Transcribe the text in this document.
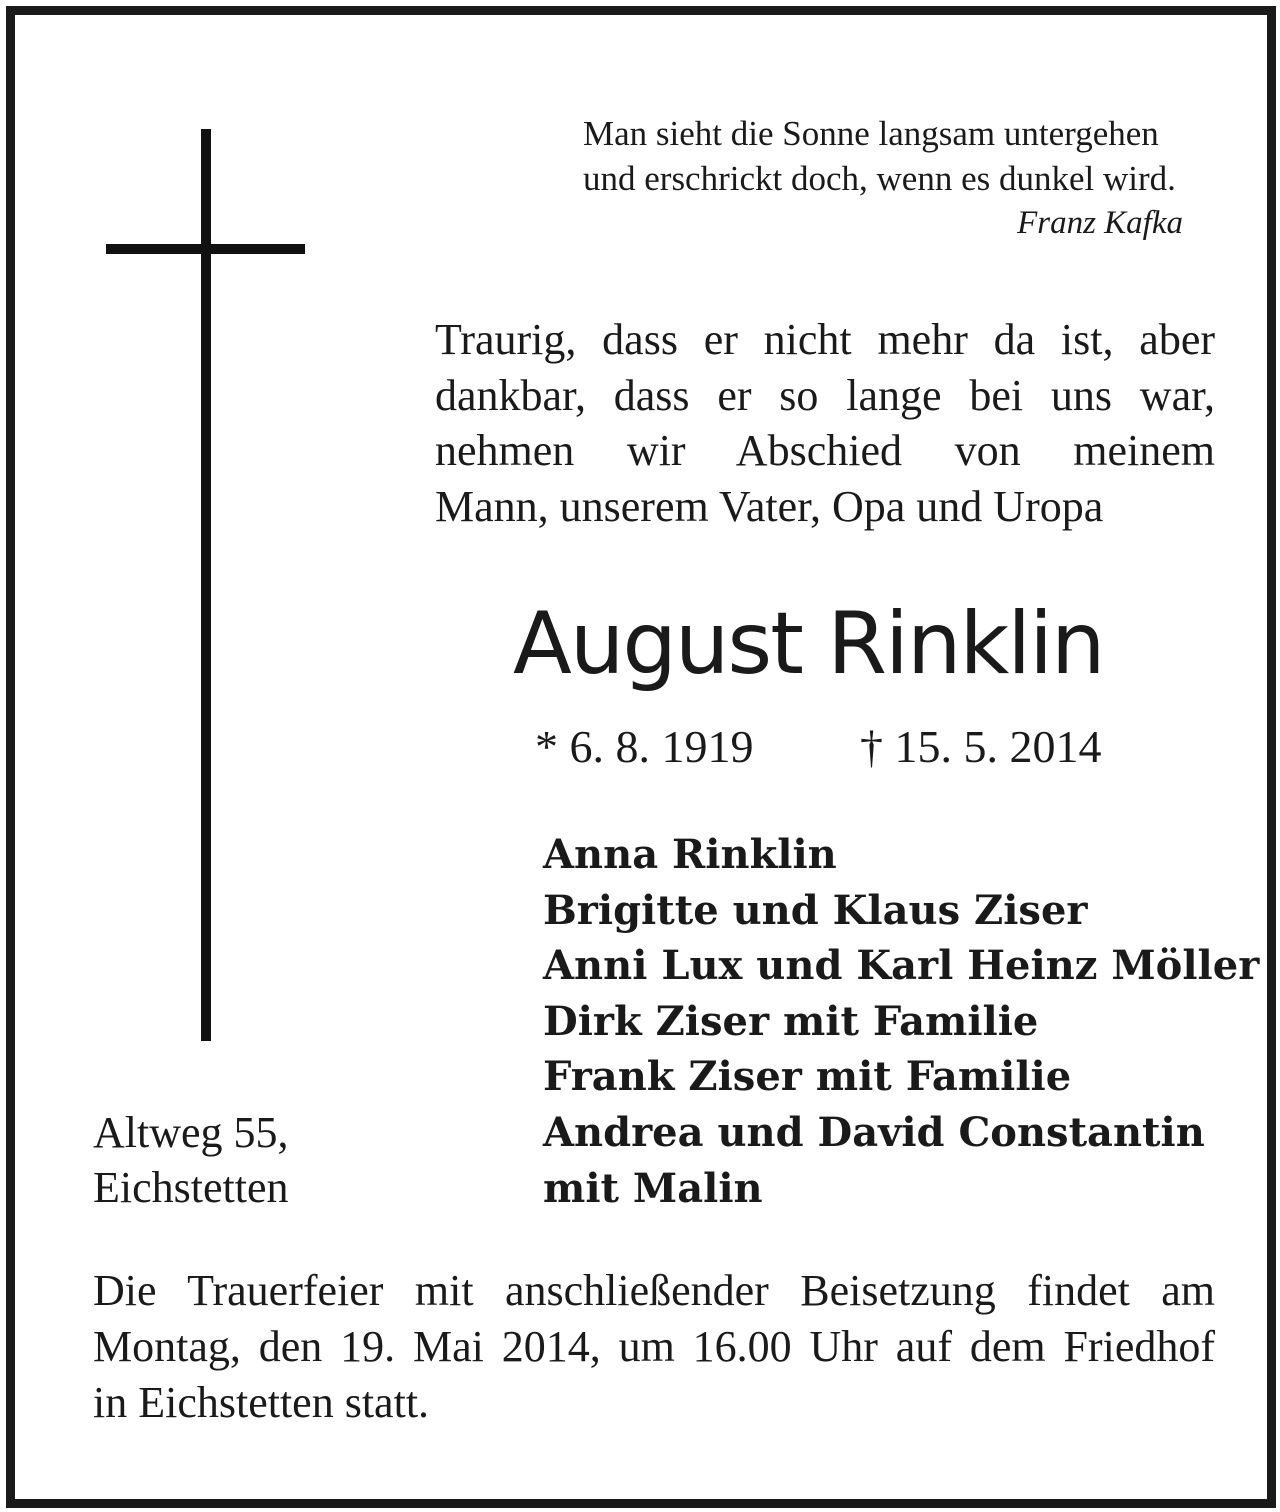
Man sieht die Sonne langsam untergehen
und erschrickt doch, wenn es dunkel wird.
Franz Kafka
Traurig, dass er nicht mehr da ist, aber
dankbar, dass er so lange bei uns war,
nehmen wir Abschied von meinem
Mann, unserem Vater, Opa und Uropa
August Rinklin
* 6. 8. 1919 † 15. 5. 2014
Anna Rinklin
Brigitte und Klaus Ziser
Anni Lux und Karl Heinz Möller
Dirk Ziser mit Familie
Frank Ziser mit Familie
Andrea und David Constantin
mit Malin
Altweg 55,
Eichstetten
Die Trauerfeier mit anschließender Beisetzung findet am
Montag, den 19. Mai 2014, um 16.00 Uhr auf dem Friedhof
in Eichstetten statt.
